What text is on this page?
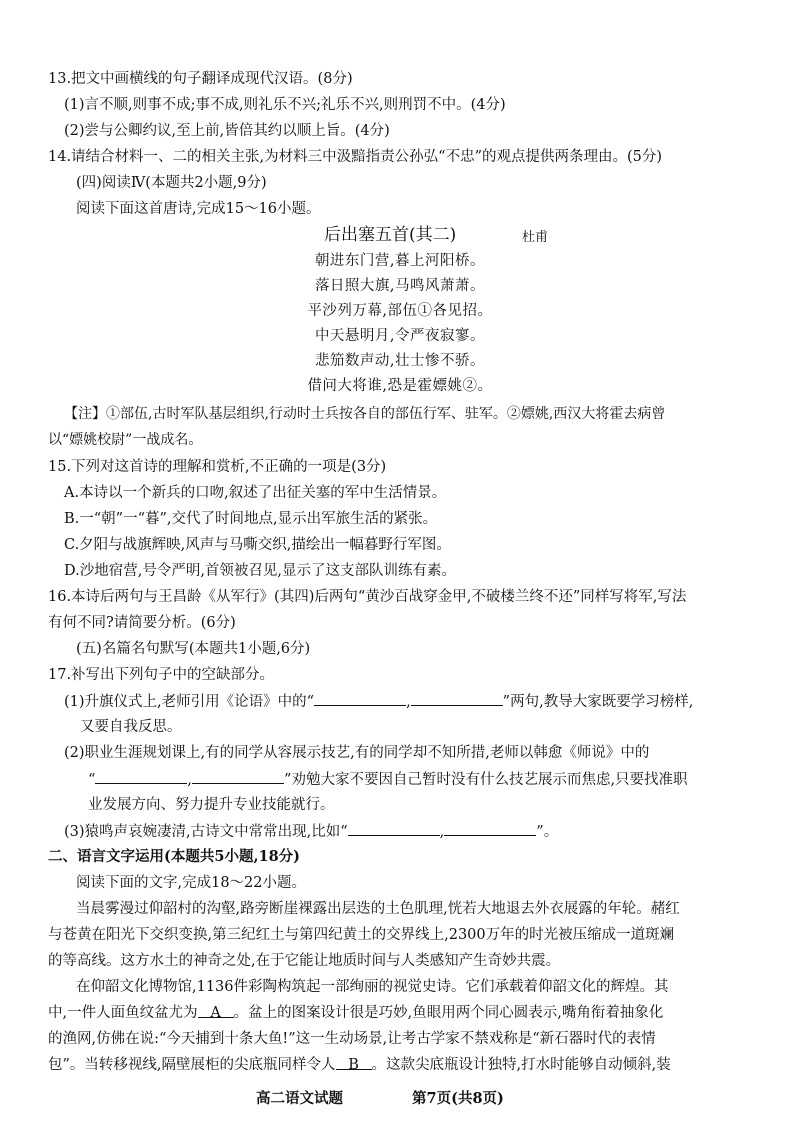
13.把文中画横线的句子翻译成现代汉语。(8分)
(1)言不顺,则事不成;事不成,则礼乐不兴;礼乐不兴,则刑罚不中。(4分)
(2)尝与公卿约议,至上前,皆倍其约以顺上旨。(4分)
14.请结合材料一、二的相关主张,为材料三中汲黯指责公孙弘“不忠”的观点提供两条理由。(5分)
(四)阅读Ⅳ(本题共2小题,9分)
阅读下面这首唐诗,完成15～16小题。
后出塞五首(其二)	杜甫
朝进东门营,暮上河阳桥。
落日照大旗,马鸣风萧萧。
平沙列万幕,部伍①各见招。
中天悬明月,令严夜寂寥。
悲笳数声动,壮士惨不骄。
借问大将谁,恐是霍嫖姚②。
【注】①部伍,古时军队基层组织,行动时士兵按各自的部伍行军、驻军。②嫖姚,西汉大将霍去病曾
以“嫖姚校尉”一战成名。
15.下列对这首诗的理解和赏析,不正确的一项是(3分)
A.本诗以一个新兵的口吻,叙述了出征关塞的军中生活情景。
B.一“朝”一“暮”,交代了时间地点,显示出军旅生活的紧张。
C.夕阳与战旗辉映,风声与马嘶交织,描绘出一幅暮野行军图。
D.沙地宿营,号令严明,首领被召见,显示了这支部队训练有素。
16.本诗后两句与王昌龄《从军行》(其四)后两句“黄沙百战穿金甲,不破楼兰终不还”同样写将军,写法
有何不同?请简要分析。(6分)
(五)名篇名句默写(本题共1小题,6分)
17.补写出下列句子中的空缺部分。
(1)升旗仪式上,老师引用《论语》中的“	,	”两句,教导大家既要学习榜样,
又要自我反思。
(2)职业生涯规划课上,有的同学从容展示技艺,有的同学却不知所措,老师以韩愈《师说》中的
“	,	”劝勉大家不要因自己暂时没有什么技艺展示而焦虑,只要找准职
业发展方向、努力提升专业技能就行。
(3)猿鸣声哀婉凄清,古诗文中常常出现,比如“	,	”。
二、语言文字运用(本题共5小题,18分)
阅读下面的文字,完成18～22小题。
当晨雾漫过仰韶村的沟壑,路旁断崖裸露出层迭的土色肌理,恍若大地退去外衣展露的年轮。赭红
与苍黄在阳光下交织变换,第三纪红土与第四纪黄土的交界线上,2300万年的时光被压缩成一道斑斓
的等高线。这方水土的神奇之处,在于它能让地质时间与人类感知产生奇妙共震。
在仰韶文化博物馆,1136件彩陶构筑起一部绚丽的视觉史诗。它们承载着仰韶文化的辉煌。其
中,一件人面鱼纹盆尤为 A 。盆上的图案设计很是巧妙,鱼眼用两个同心圆表示,嘴角衔着抽象化
的渔网,仿佛在说:“今天捕到十条大鱼!”这一生动场景,让考古学家不禁戏称是“新石器时代的表情
包”。当转移视线,隔壁展柜的尖底瓶同样令人 B 。这款尖底瓶设计独特,打水时能够自动倾斜,装
高二语文试题	第7页(共8页)
